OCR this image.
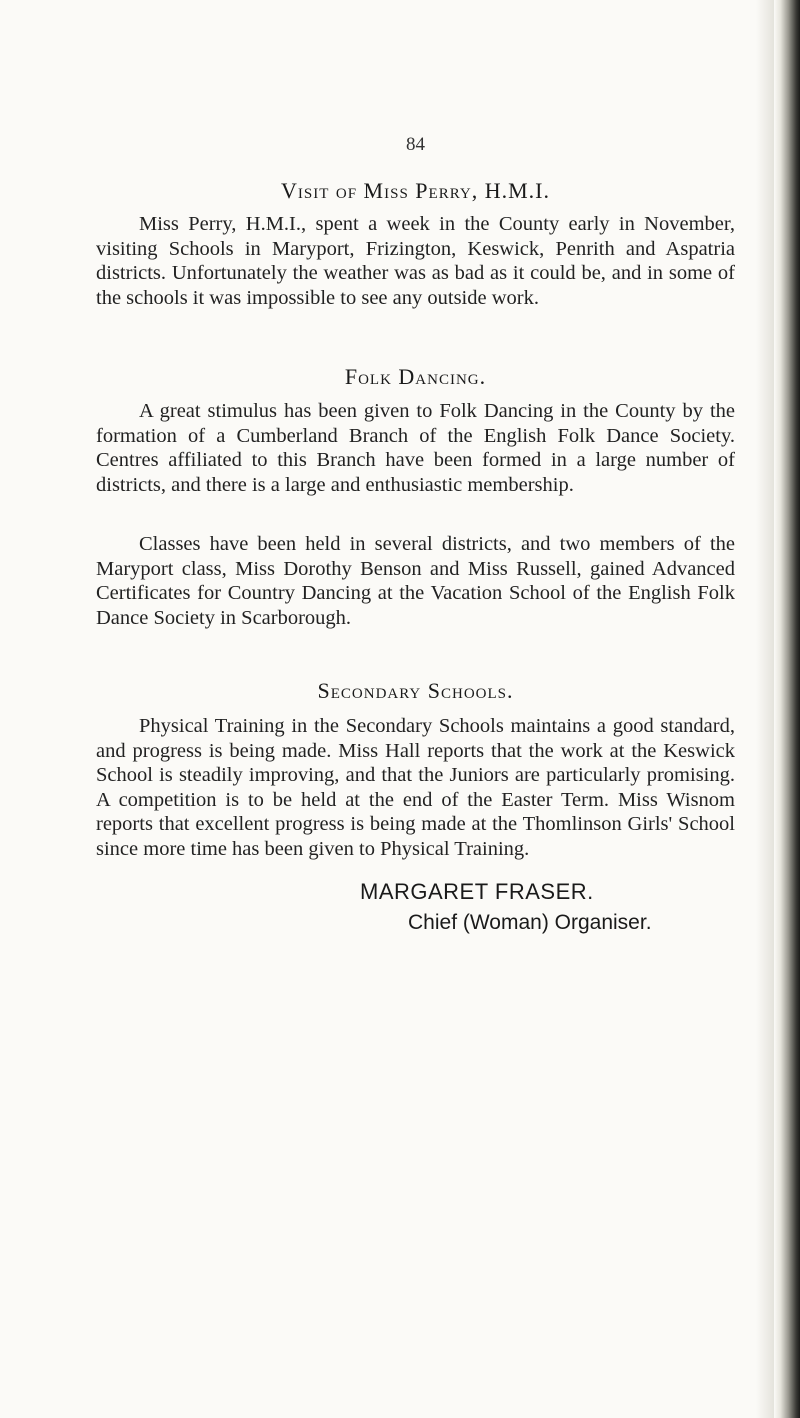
84
Visit of Miss Perry, H.M.I.

Miss Perry, H.M.I., spent a week in the County early in November, visiting Schools in Maryport, Frizington, Keswick, Penrith and Aspatria districts. Unfortunately the weather was as bad as it could be, and in some of the schools it was impossible to see any outside work.

Folk Dancing.

A great stimulus has been given to Folk Dancing in the County by the formation of a Cumberland Branch of the English Folk Dance Society. Centres affiliated to this Branch have been formed in a large number of districts, and there is a large and enthusiastic membership.

Classes have been held in several districts, and two members of the Maryport class, Miss Dorothy Benson and Miss Russell, gained Advanced Certificates for Country Dancing at the Vacation School of the English Folk Dance Society in Scarborough.

Secondary Schools.

Physical Training in the Secondary Schools maintains a good standard, and progress is being made. Miss Hall reports that the work at the Keswick School is steadily improving, and that the Juniors are particularly promising. A competition is to be held at the end of the Easter Term. Miss Wisnom reports that excellent progress is being made at the Thomlinson Girls' School since more time has been given to Physical Training.

MARGARET FRASER.
Chief (Woman) Organiser.
